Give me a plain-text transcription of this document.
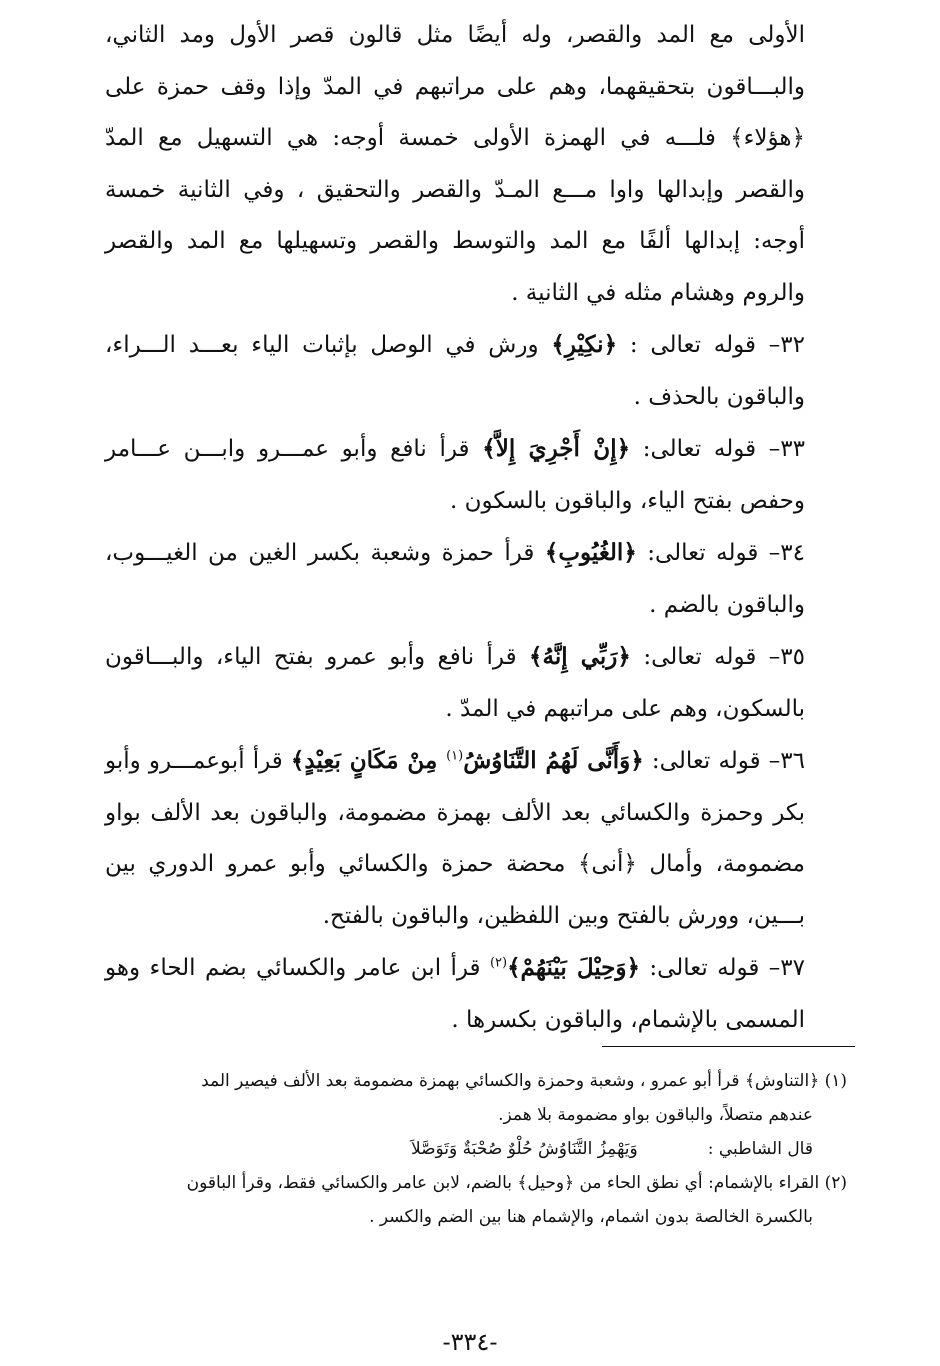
الأولى مع المد والقصر، وله أيضًا مثل قالون قصر الأول ومد الثاني، والبـــاقون بتحقيقهما، وهم على مراتبهم في المدّ وإذا وقف حمزة على ﴿هؤلاء﴾ فلـــه في الهمزة الأولى خمسة أوجه: هي التسهيل مع المدّ والقصر وإبدالها واوا مـــع المـدّ والقصر والتحقيق ، وفي الثانية خمسة أوجه: إبدالها ألفًا مع المد والتوسط والقصر وتسهيلها مع المد والقصر والروم وهشام مثله في الثانية .

٣٢– قوله تعالى : ﴿نكِيْرِ﴾ ورش في الوصل بإثبات الياء بعـــد الـــراء، والباقون بالحذف .

٣٣– قوله تعالى: ﴿إِنْ أَجْرِيَ إِلاَّ﴾ قرأ نافع وأبو عمـــرو وابـــن عـــامر وحفص بفتح الياء، والباقون بالسكون .

٣٤– قوله تعالى: ﴿الغُيُوبِ﴾ قرأ حمزة وشعبة بكسر الغين من الغيـــوب، والباقون بالضم .

٣٥– قوله تعالى: ﴿رَبِّي إِنَّهُ﴾ قرأ نافع وأبو عمرو بفتح الياء، والبـــاقون بالسكون، وهم على مراتبهم في المدّ .

٣٦– قوله تعالى: ﴿وَأَنَّى لَهُمُ التَّنَاوُشُ$^{(١)}$ مِنْ مَكَانٍ بَعِيْدٍ﴾ قرأ أبوعمـــرو وأبو بكر وحمزة والكسائي بعد الألف بهمزة مضمومة، والباقون بعد الألف بواو مضمومة، وأمال ﴿أنى﴾ محضة حمزة والكسائي وأبو عمرو الدوري بين بـــين، وورش بالفتح وبين اللفظين، والباقون بالفتح.

٣٧– قوله تعالى: ﴿وَحِيْلَ بَيْنَهُمْ﴾$^{(٢)}$ قرأ ابن عامر والكسائي بضم الحاء وهو المسمى بالإشمام، والباقون بكسرها .

(١) ﴿التناوش﴾ قرأ أبو عمرو ، وشعبة وحمزة والكسائي بهمزة مضمومة بعد الألف فيصير المد

عندهم متصلاً، والباقون بواو مضمومة بلا همز.

قال الشاطبي :
وَيَهْمِزُ التَّنَاوُشُ حُلْوٌ صُحْبَةٌ وَتَوَصَّلاَ

(٢) القراء بالإشمام: أي نطق الحاء من ﴿وحيل﴾ بالضم، لابن عامر والكسائي فقط، وقرأ الباقون

بالكسرة الخالصة بدون اشمام، والإشمام هنا بين الضم والكسر .

-٣٣٤-
